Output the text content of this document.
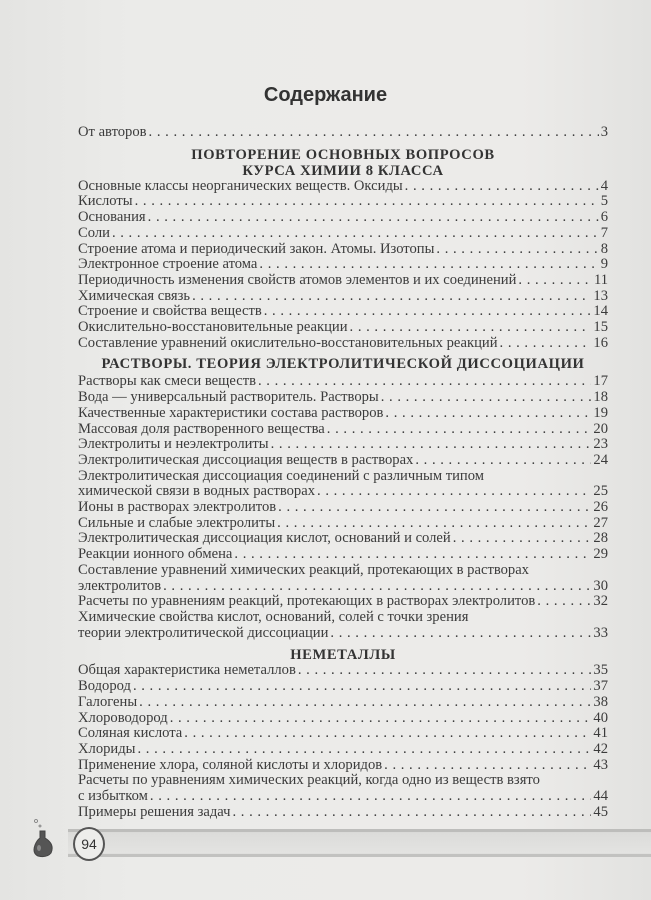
Содержание
От авторов . . .	3
ПОВТОРЕНИЕ ОСНОВНЫХ ВОПРОСОВ
КУРСА ХИМИИ 8 КЛАССА
Основные классы неорганических веществ. Оксиды . . .	4
Кислоты . . .	5
Основания . . .	6
Соли . . .	7
Строение атома и периодический закон. Атомы. Изотопы . . .	8
Электронное строение атома . . .	9
Периодичность изменения свойств атомов элементов и их соединений . . .	11
Химическая связь . . .	13
Строение и свойства веществ . . .	14
Окислительно-восстановительные реакции . . .	15
Составление уравнений окислительно-восстановительных реакций . . .	16
РАСТВОРЫ. ТЕОРИЯ ЭЛЕКТРОЛИТИЧЕСКОЙ ДИССОЦИАЦИИ
Растворы как смеси веществ . . .	17
Вода — универсальный растворитель. Растворы . . .	18
Качественные характеристики состава растворов . . .	19
Массовая доля растворенного вещества . . .	20
Электролиты и неэлектролиты . . .	23
Электролитическая диссоциация веществ в растворах . . .	24
Электролитическая диссоциация соединений с различным типом
химической связи в водных растворах . . .	25
Ионы в растворах электролитов . . .	26
Сильные и слабые электролиты . . .	27
Электролитическая диссоциация кислот, оснований и солей . . .	28
Реакции ионного обмена . . .	29
Составление уравнений химических реакций, протекающих в растворах
электролитов . . .	30
Расчеты по уравнениям реакций, протекающих в растворах электролитов . . .	32
Химические свойства кислот, оснований, солей с точки зрения
теории электролитической диссоциации . . .	33
НЕМЕТАЛЛЫ
Общая характеристика неметаллов . . .	35
Водород . . .	37
Галогены . . .	38
Хлороводород . . .	40
Соляная кислота . . .	41
Хлориды . . .	42
Применение хлора, соляной кислоты и хлоридов . . .	43
Расчеты по уравнениям химических реакций, когда одно из веществ взято
с избытком . . .	44
Примеры решения задач . . .	45
94
